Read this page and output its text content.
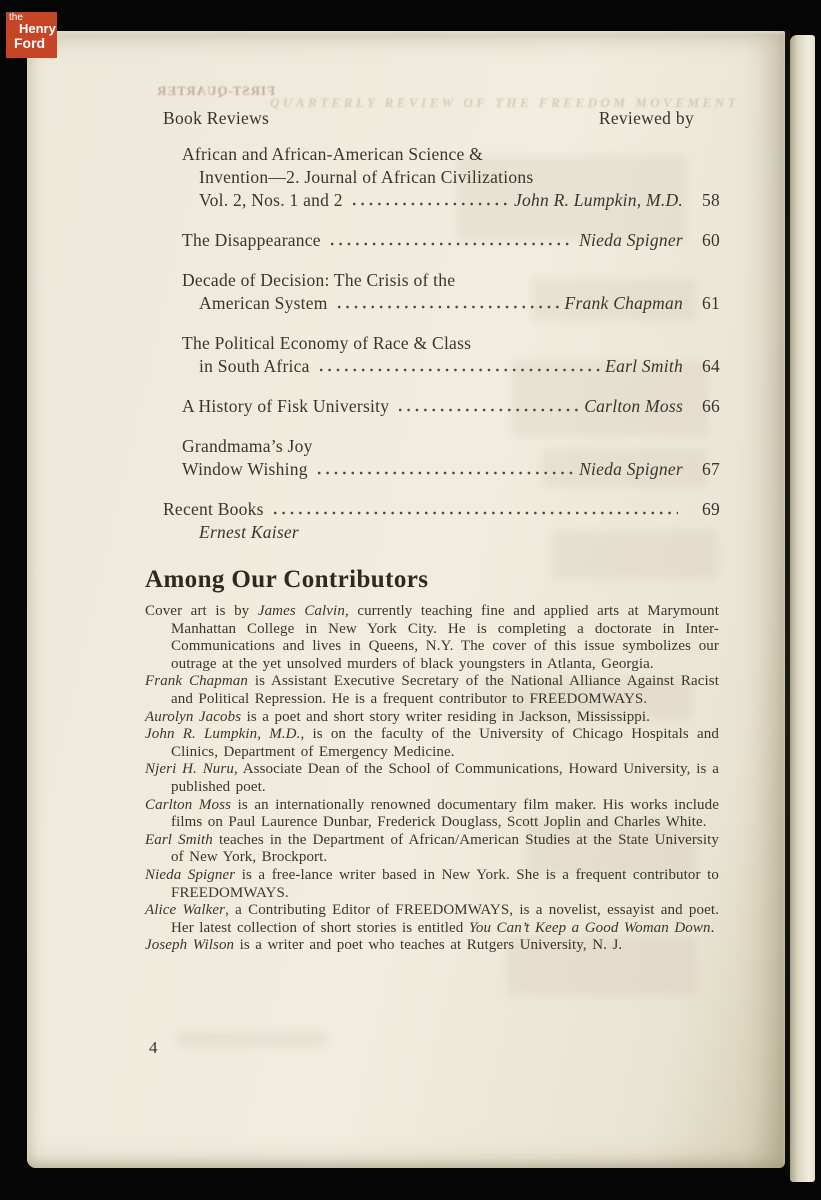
FIRST-QUARTER
QUARTERLY REVIEW OF THE FREEDOM MOVEMENT
Book Reviews	Reviewed by
African and African-American Science &
Invention—2. Journal of African Civilizations
Vol. 2, Nos. 1 and 2	John R. Lumpkin, M.D.	58
The Disappearance	Nieda Spigner	60
Decade of Decision: The Crisis of the
American System	Frank Chapman	61
The Political Economy of Race & Class
in South Africa	Earl Smith	64
A History of Fisk University	Carlton Moss	66
Grandmama’s Joy
Window Wishing	Nieda Spigner	67
Recent Books	69
Ernest Kaiser
Among Our Contributors

Cover art is by James Calvin, currently teaching fine and applied arts at Marymount Manhattan College in New York City. He is completing a doctorate in Inter-Communications and lives in Queens, N.Y. The cover of this issue symbolizes our outrage at the yet unsolved murders of black youngsters in Atlanta, Georgia.

Frank Chapman is Assistant Executive Secretary of the National Alliance Against Racist and Political Repression. He is a frequent contributor to FREEDOMWAYS.

Aurolyn Jacobs is a poet and short story writer residing in Jackson, Mississippi.

John R. Lumpkin, M.D., is on the faculty of the University of Chicago Hospitals and Clinics, Department of Emergency Medicine.

Njeri H. Nuru, Associate Dean of the School of Communications, Howard University, is a published poet.

Carlton Moss is an internationally renowned documentary film maker. His works include films on Paul Laurence Dunbar, Frederick Douglass, Scott Joplin and Charles White.

Earl Smith teaches in the Department of African/American Studies at the State University of New York, Brockport.

Nieda Spigner is a free-lance writer based in New York. She is a frequent contributor to FREEDOMWAYS.

Alice Walker, a Contributing Editor of FREEDOMWAYS, is a novelist, essayist and poet. Her latest collection of short stories is entitled You Can’t Keep a Good Woman Down.

Joseph Wilson is a writer and poet who teaches at Rutgers University, N. J.

4
the
Henry
Ford
